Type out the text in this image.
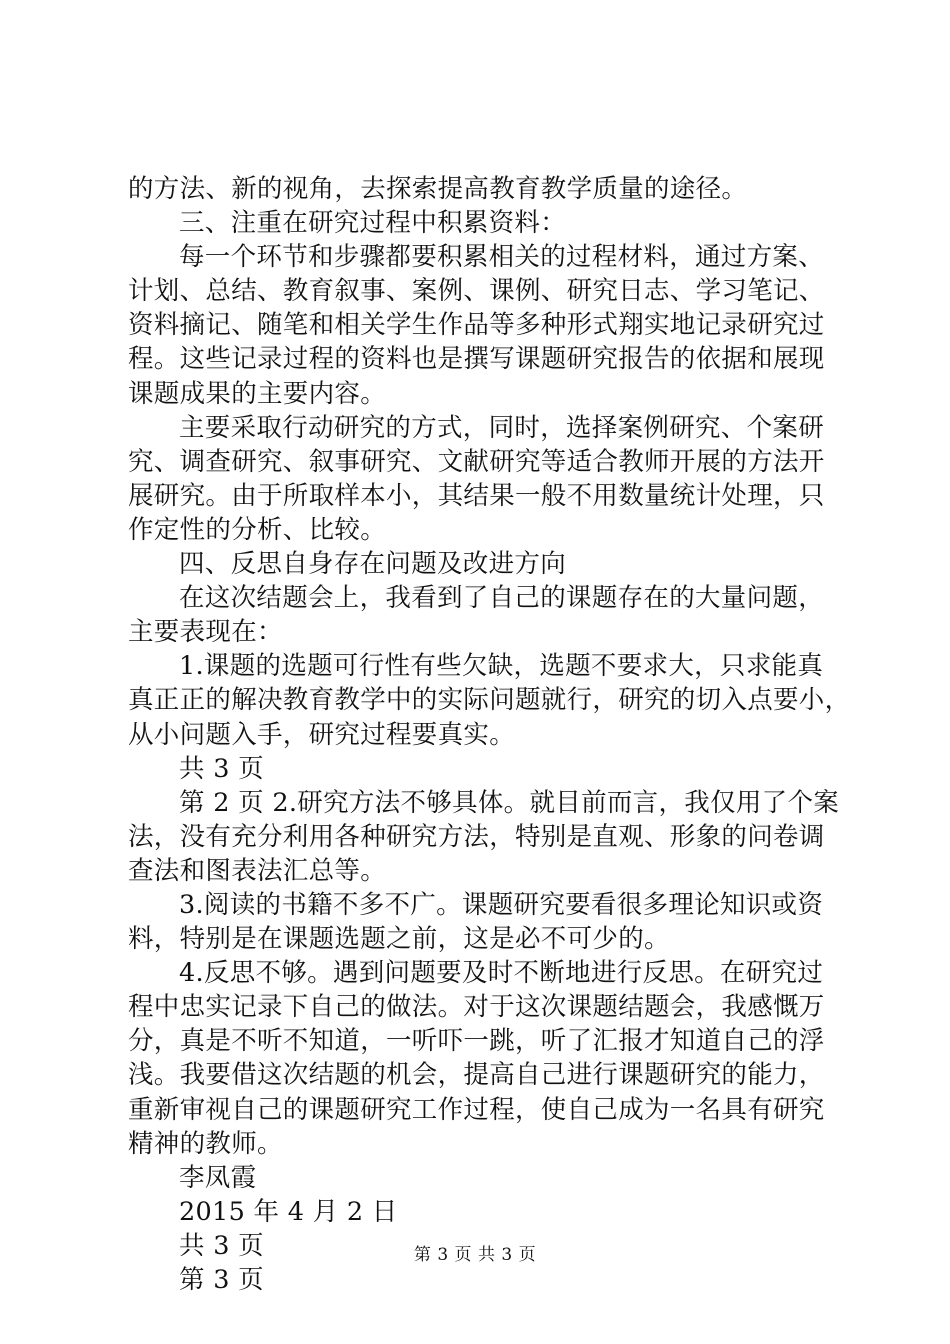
的方法、新的视角，去探索提高教育教学质量的途径。
三、注重在研究过程中积累资料：
每一个环节和步骤都要积累相关的过程材料，通过方案、
计划、总结、教育叙事、案例、课例、研究日志、学习笔记、
资料摘记、随笔和相关学生作品等多种形式翔实地记录研究过
程。这些记录过程的资料也是撰写课题研究报告的依据和展现
课题成果的主要内容。
主要采取行动研究的方式，同时，选择案例研究、个案研
究、调查研究、叙事研究、文献研究等适合教师开展的方法开
展研究。由于所取样本小，其结果一般不用数量统计处理，只
作定性的分析、比较。
四、反思自身存在问题及改进方向
在这次结题会上，我看到了自己的课题存在的大量问题，
主要表现在：
1.课题的选题可行性有些欠缺，选题不要求大，只求能真
真正正的解决教育教学中的实际问题就行，研究的切入点要小，
从小问题入手，研究过程要真实。
共 3 页
第 2 页 2.研究方法不够具体。就目前而言，我仅用了个案
法，没有充分利用各种研究方法，特别是直观、形象的问卷调
查法和图表法汇总等。
3.阅读的书籍不多不广。课题研究要看很多理论知识或资
料，特别是在课题选题之前，这是必不可少的。
4.反思不够。遇到问题要及时不断地进行反思。在研究过
程中忠实记录下自己的做法。对于这次课题结题会，我感慨万
分，真是不听不知道，一听吓一跳，听了汇报才知道自己的浮
浅。我要借这次结题的机会，提高自己进行课题研究的能力，
重新审视自己的课题研究工作过程，使自己成为一名具有研究
精神的教师。
李凤霞
2015 年 4 月 2 日
共 3 页
第 3 页
第 3 页 共 3 页
